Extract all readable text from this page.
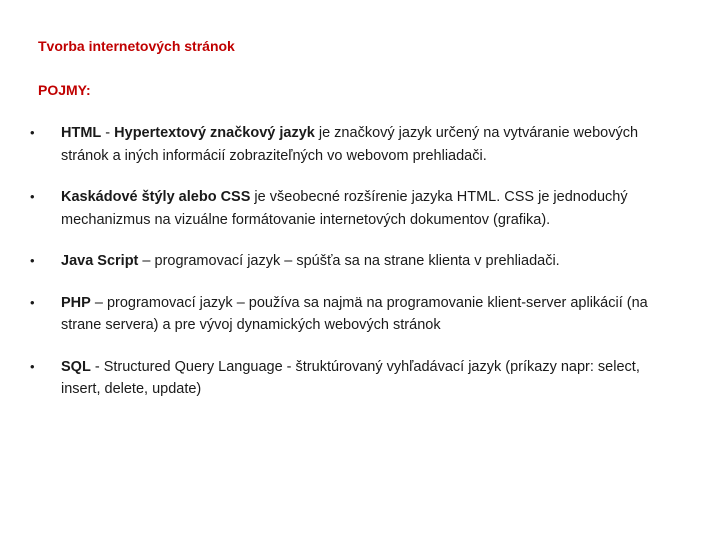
Tvorba internetových stránok
POJMY:
• HTML - Hypertextový značkový jazyk je značkový jazyk určený na vytváranie webových stránok a iných informácií zobraziteľných vo webovom prehliadači.
• Kaskádové štýly alebo CSS je všeobecné rozšírenie jazyka HTML. CSS je jednoduchý mechanizmus na vizuálne formátovanie internetových dokumentov (grafika).
• Java Script – programovací jazyk – spúšťa sa na strane klienta v prehliadači.
• PHP – programovací jazyk – používa sa najmä na programovanie klient-server aplikácií (na strane servera) a pre vývoj dynamických webových stránok
• SQL - Structured Query Language - štruktúrovaný vyhľadávací jazyk (príkazy napr: select, insert, delete, update)
